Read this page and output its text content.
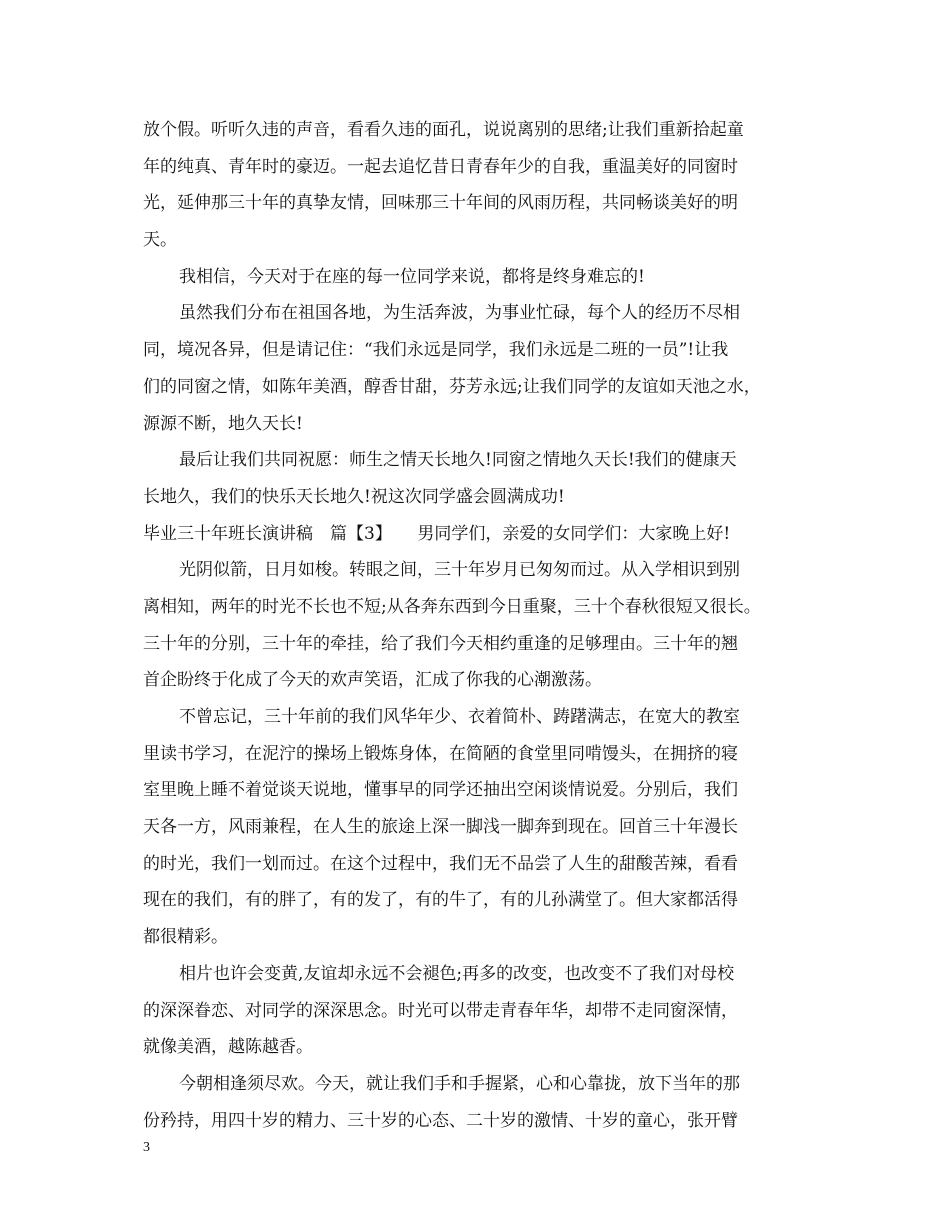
放个假。听听久违的声音，看看久违的面孔，说说离别的思绪;让我们重新拾起童
年的纯真、青年时的豪迈。一起去追忆昔日青春年少的自我，重温美好的同窗时
光，延伸那三十年的真挚友情，回味那三十年间的风雨历程，共同畅谈美好的明
天。
我相信，今天对于在座的每一位同学来说，都将是终身难忘的!
虽然我们分布在祖国各地，为生活奔波，为事业忙碌，每个人的经历不尽相
同，境况各异，但是请记住：“我们永远是同学，我们永远是二班的一员”!让我
们的同窗之情，如陈年美酒，醇香甘甜，芬芳永远;让我们同学的友谊如天池之水，
源源不断，地久天长!
最后让我们共同祝愿：师生之情天长地久!同窗之情地久天长!我们的健康天
长地久，我们的快乐天长地久!祝这次同学盛会圆满成功!
毕业三十年班长演讲稿　篇【3】　　男同学们，亲爱的女同学们：大家晚上好!
光阴似箭，日月如梭。转眼之间，三十年岁月已匆匆而过。从入学相识到别
离相知，两年的时光不长也不短;从各奔东西到今日重聚，三十个春秋很短又很长。
三十年的分别，三十年的牵挂，给了我们今天相约重逢的足够理由。三十年的翘
首企盼终于化成了今天的欢声笑语，汇成了你我的心潮激荡。
不曾忘记，三十年前的我们风华年少、衣着简朴、踌躇满志，在宽大的教室
里读书学习，在泥泞的操场上锻炼身体，在简陋的食堂里同啃馒头，在拥挤的寝
室里晚上睡不着觉谈天说地，懂事早的同学还抽出空闲谈情说爱。分别后，我们
天各一方，风雨兼程，在人生的旅途上深一脚浅一脚奔到现在。回首三十年漫长
的时光，我们一划而过。在这个过程中，我们无不品尝了人生的甜酸苦辣，看看
现在的我们，有的胖了，有的发了，有的牛了，有的儿孙满堂了。但大家都活得
都很精彩。
相片也许会变黄,友谊却永远不会褪色;再多的改变，也改变不了我们对母校
的深深眷恋、对同学的深深思念。时光可以带走青春年华，却带不走同窗深情，
就像美酒，越陈越香。
今朝相逢须尽欢。今天，就让我们手和手握紧，心和心靠拢，放下当年的那
份矜持，用四十岁的精力、三十岁的心态、二十岁的激情、十岁的童心，张开臂
3
